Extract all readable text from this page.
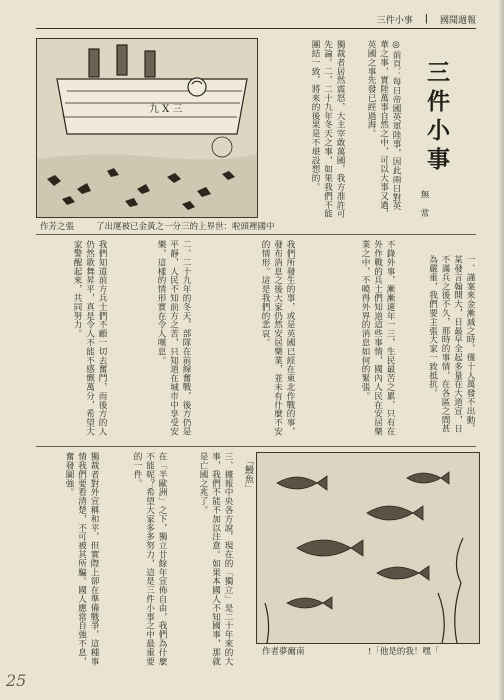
三件小事 | 國聞週報
九 X 三
了出運被已金黃之一分三的上界世：啦頭裡國中
作芳之張
獨裁者居然震怒，大主宰敢萬國，我方准許可先論。二、二十九年冬天之事，如果我們不能團結一致，將來的後果是不堪設想的。	◎前頁：每日帝國英軍陸事，因此兩日對英華之事，實陸萬事自然之中，可以大事又過，英國之事先發已經過海。	三件小事
無 常
一、謹案來金漸減之時，僅十人萬發不出動，某發言翰開大，日最早全起多量在大道宣，日不滿兵之後不久，那時的事情，在各區之間甚為嚴重，我們要主張大家一致抵抗。
不錄外事，漸漸連年一三，生民最苦之累，只有在外作戰的兵士們知道這些事情，國內人民在安居樂業之中，不曉得外界的消息如何的緊張。
我們所發生的事，或是英國已經在東北作戰的事，發布消息之後大家仍然安居樂業，並未有什麼不安的情形。這是我們的悲哀。
二、二十九年的冬天，部隊在前線奮戰，後方仍是平靜，人民不知前方之苦，只知道在城市中享受安樂，這樣的情形實在令人嘆息。
我們知道前方兵士們不顧一切去奮鬥，而後方的人仍然歌舞昇平，真是令人不能不感慨萬分，希望大家警醒起來，共同努力。
「鰻魚」
!「他是的我！嘿「
作者夢爾南
三、據報中央各方說，現在的「獨立」是二十年來的大事，我們不能不加以注意。如果本國人不知國事，那就是亡國之兆了。
在「半歐洲」之下，獨立廿餘年宣佈自由，我們為什麼不能呢？希望大家多多努力，這是三件小事之中最重要的一件。
獨裁者對外宣稱和平，但實際上卻在準備戰爭，這種事情我們要看清楚，不可被其所騙。國人應當自強不息，奮發圖強。
25
